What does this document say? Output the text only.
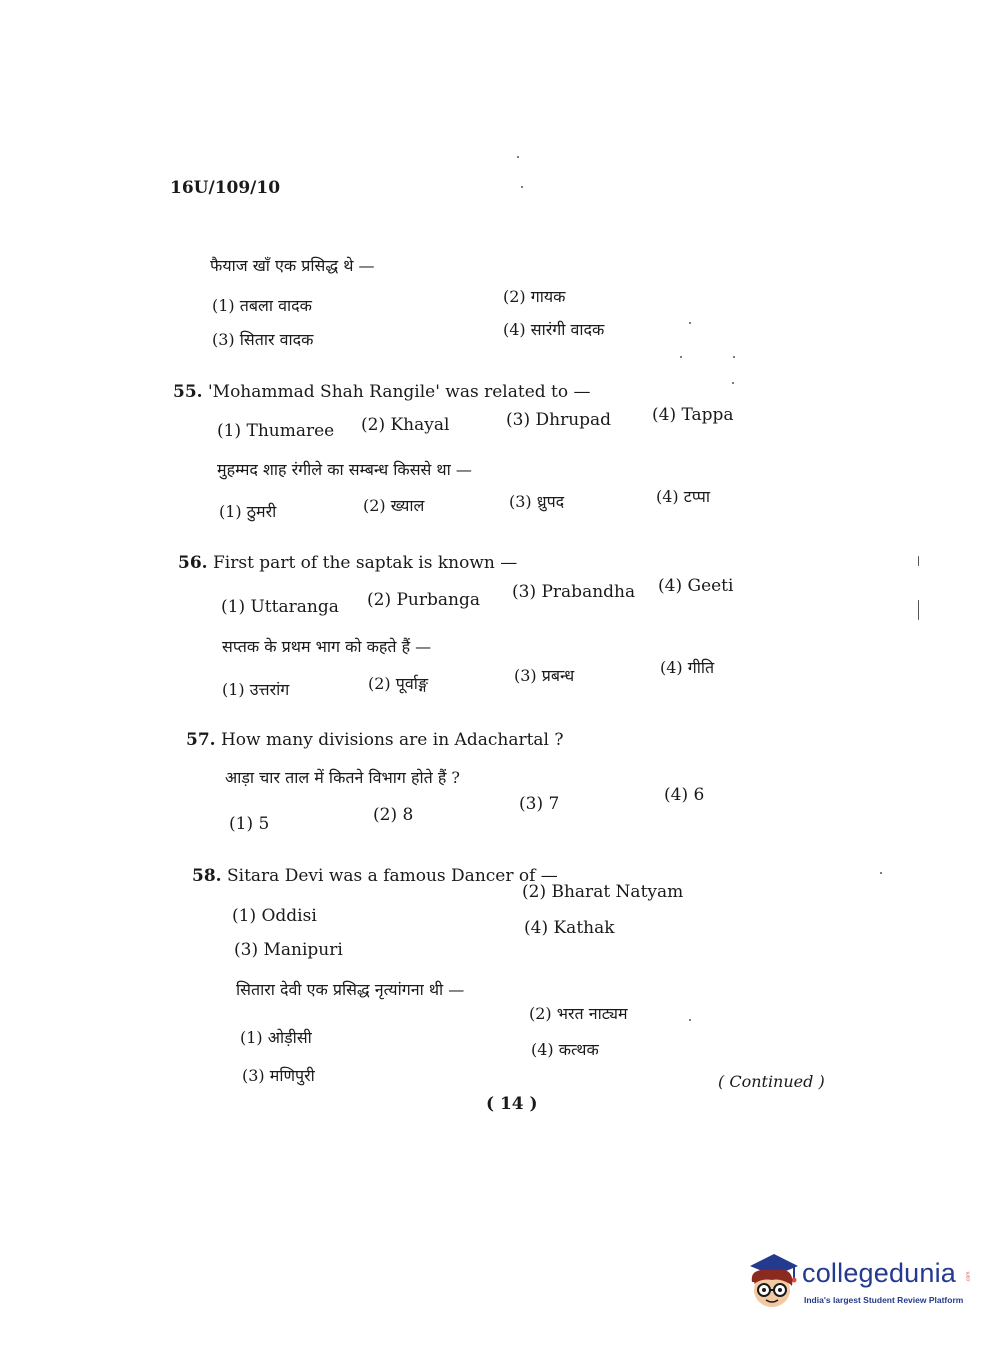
16U/109/10
फैयाज खाँ एक प्रसिद्ध थे —
(1) तबला वादक	(2) गायक
(3) सितार वादक
(4) सारंगी वादक
55. 'Mohammad Shah Rangile' was related to —
(1) Thumaree (2) Khayal	(3) Dhrupad (4) Tappa
मुहम्मद शाह रंगीले का सम्बन्ध किससे था —
(1) ठुमरी	(2) ख्याल	(3) ध्रुपद	(4) टप्पा
56. First part of the saptak is known —
(1) Uttaranga (2) Purbanga (3) Prabandha (4) Geeti
सप्तक के प्रथम भाग को कहते हैं —
(1) उत्तरांग	(2) पूर्वाङ्ग	(3) प्रबन्ध	(4) गीति
57. How many divisions are in Adachartal ?
आड़ा चार ताल में कितने विभाग होते हैं ?
(1) 5	(2) 8
(3) 7	(4) 6
58. Sitara Devi was a famous Dancer of —
(1) Oddisi
(2) Bharat Natyam
(3) Manipuri
(4) Kathak
सितारा देवी एक प्रसिद्ध नृत्यांगना थी —
(1) ओड़ीसी
(2) भरत नाट्यम
(3) मणिपुरी
(4) कत्थक
( Continued )
( 14 )
collegedunia .com
India's largest Student Review Platform
